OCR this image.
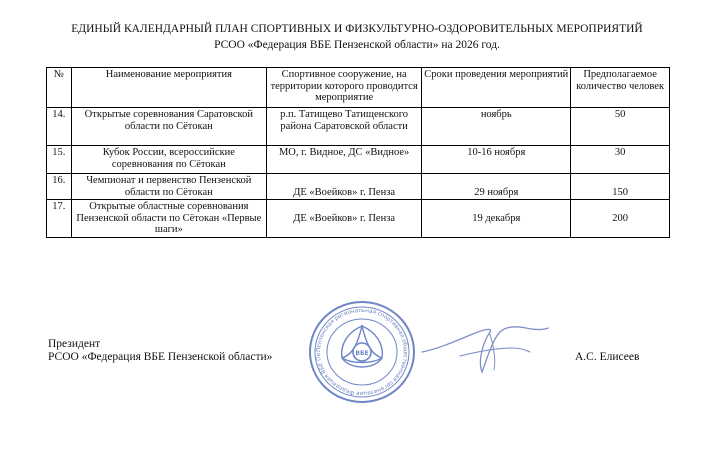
ЕДИНЫЙ КАЛЕНДАРНЫЙ ПЛАН СПОРТИВНЫХ И ФИЗКУЛЬТУРНО-ОЗДОРОВИТЕЛЬНЫХ МЕРОПРИЯТИЙ
РСОО «Федерация ВБЕ Пензенской области» на 2026 год.
№	Наименование мероприятия	Спортивное сооружение, на территории которого проводится мероприятие	Сроки проведения мероприятий	Предполагаемое количество человек
14.	Открытые соревнования Саратовской области по Сётокан	р.п. Татищево Татищенского района Саратовской области	ноябрь	50
15.	Кубок России, всероссийские соревнования по Сётокан	МО, г. Видное, ДС «Видное»	10-16 ноября	30
16.	Чемпионат и первенство Пензенской области по Сётокан	ДЕ «Воейков» г. Пенза	29 ноября	150
17.	Открытые областные соревнования Пензенской области по Сётокан «Первые шаги»	ДЕ «Воейков» г. Пенза	19 декабря	200
Президент
РСОО «Федерация ВБЕ Пензенской области»	А.С. Елисеев
Пензенская региональная спортивная общественная организация Федерация ВБЕ Пе	ВБЕ
